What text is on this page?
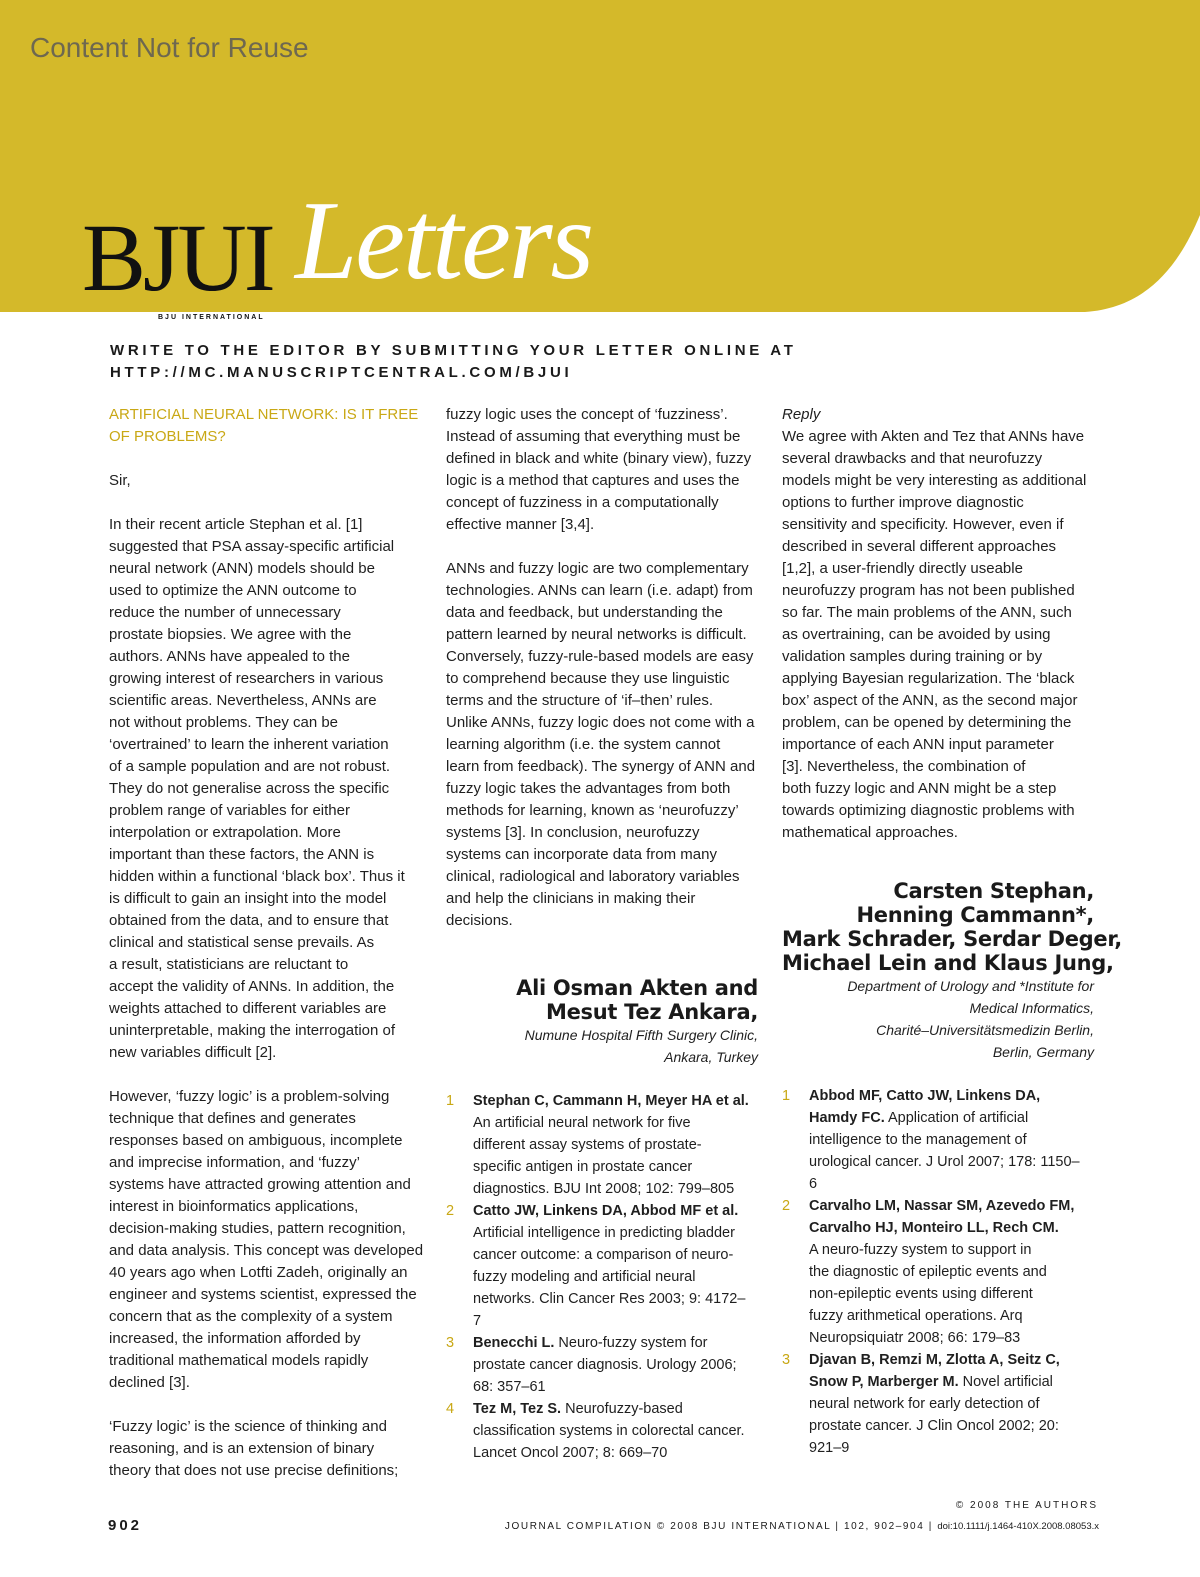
Content Not for Reuse
BJUI
BJU INTERNATIONAL
Letters
WRITE TO THE EDITOR BY SUBMITTING YOUR LETTER ONLINE AT
HTTP://MC.MANUSCRIPTCENTRAL.COM/BJUI
ARTIFICIAL NEURAL NETWORK: IS IT FREE
OF PROBLEMS?

Sir,

In their recent article Stephan et al. [1]
suggested that PSA assay-specific artificial
neural network (ANN) models should be
used to optimize the ANN outcome to
reduce the number of unnecessary
prostate biopsies. We agree with the
authors. ANNs have appealed to the
growing interest of researchers in various
scientific areas. Nevertheless, ANNs are
not without problems. They can be
‘overtrained’ to learn the inherent variation
of a sample population and are not robust.
They do not generalise across the specific
problem range of variables for either
interpolation or extrapolation. More
important than these factors, the ANN is
hidden within a functional ‘black box’. Thus it
is difficult to gain an insight into the model
obtained from the data, and to ensure that
clinical and statistical sense prevails. As
a result, statisticians are reluctant to
accept the validity of ANNs. In addition, the
weights attached to different variables are
uninterpretable, making the interrogation of
new variables difficult [2].

However, ‘fuzzy logic’ is a problem-solving
technique that defines and generates
responses based on ambiguous, incomplete
and imprecise information, and ‘fuzzy’
systems have attracted growing attention and
interest in bioinformatics applications,
decision-making studies, pattern recognition,
and data analysis. This concept was developed
40 years ago when Lotfti Zadeh, originally an
engineer and systems scientist, expressed the
concern that as the complexity of a system
increased, the information afforded by
traditional mathematical models rapidly
declined [3].

‘Fuzzy logic’ is the science of thinking and
reasoning, and is an extension of binary
theory that does not use precise definitions;

fuzzy logic uses the concept of ‘fuzziness’.
Instead of assuming that everything must be
defined in black and white (binary view), fuzzy
logic is a method that captures and uses the
concept of fuzziness in a computationally
effective manner [3,4].

ANNs and fuzzy logic are two complementary
technologies. ANNs can learn (i.e. adapt) from
data and feedback, but understanding the
pattern learned by neural networks is difficult.
Conversely, fuzzy-rule-based models are easy
to comprehend because they use linguistic
terms and the structure of ‘if–then’ rules.
Unlike ANNs, fuzzy logic does not come with a
learning algorithm (i.e. the system cannot
learn from feedback). The synergy of ANN and
fuzzy logic takes the advantages from both
methods for learning, known as ‘neurofuzzy’
systems [3]. In conclusion, neurofuzzy
systems can incorporate data from many
clinical, radiological and laboratory variables
and help the clinicians in making their
decisions.

Ali Osman Akten and
Mesut Tez Ankara,
Numune Hospital Fifth Surgery Clinic,
Ankara, Turkey
1 Stephan C, Cammann H, Meyer HA et al.
An artificial neural network for five
different assay systems of prostate-
specific antigen in prostate cancer
diagnostics. BJU Int 2008; 102: 799–805
2 Catto JW, Linkens DA, Abbod MF et al.
Artificial intelligence in predicting bladder
cancer outcome: a comparison of neuro-
fuzzy modeling and artificial neural
networks. Clin Cancer Res 2003; 9: 4172–
7
3 Benecchi L. Neuro-fuzzy system for
prostate cancer diagnosis. Urology 2006;
68: 357–61
4 Tez M, Tez S. Neurofuzzy-based
classification systems in colorectal cancer.
Lancet Oncol 2007; 8: 669–70
Reply

We agree with Akten and Tez that ANNs have
several drawbacks and that neurofuzzy
models might be very interesting as additional
options to further improve diagnostic
sensitivity and specificity. However, even if
described in several different approaches
[1,2], a user-friendly directly useable
neurofuzzy program has not been published
so far. The main problems of the ANN, such
as overtraining, can be avoided by using
validation samples during training or by
applying Bayesian regularization. The ‘black
box’ aspect of the ANN, as the second major
problem, can be opened by determining the
importance of each ANN input parameter
[3]. Nevertheless, the combination of
both fuzzy logic and ANN might be a step
towards optimizing diagnostic problems with
mathematical approaches.

Carsten Stephan,
Henning Cammann*,
Mark Schrader, Serdar Deger,
Michael Lein and Klaus Jung,
Department of Urology and *Institute for
Medical Informatics,
Charité–Universitätsmedizin Berlin,
Berlin, Germany
1 Abbod MF, Catto JW, Linkens DA,
Hamdy FC. Application of artificial
intelligence to the management of
urological cancer. J Urol 2007; 178: 1150–
6
2 Carvalho LM, Nassar SM, Azevedo FM,
Carvalho HJ, Monteiro LL, Rech CM.
A neuro-fuzzy system to support in
the diagnostic of epileptic events and
non-epileptic events using different
fuzzy arithmetical operations. Arq
Neuropsiquiatr 2008; 66: 179–83
3 Djavan B, Remzi M, Zlotta A, Seitz C,
Snow P, Marberger M. Novel artificial
neural network for early detection of
prostate cancer. J Clin Oncol 2002; 20:
921–9
902
© 2008 THE AUTHORS
JOURNAL COMPILATION © 2008 BJU INTERNATIONAL | 102, 902–904 | doi:10.1111/j.1464-410X.2008.08053.x
